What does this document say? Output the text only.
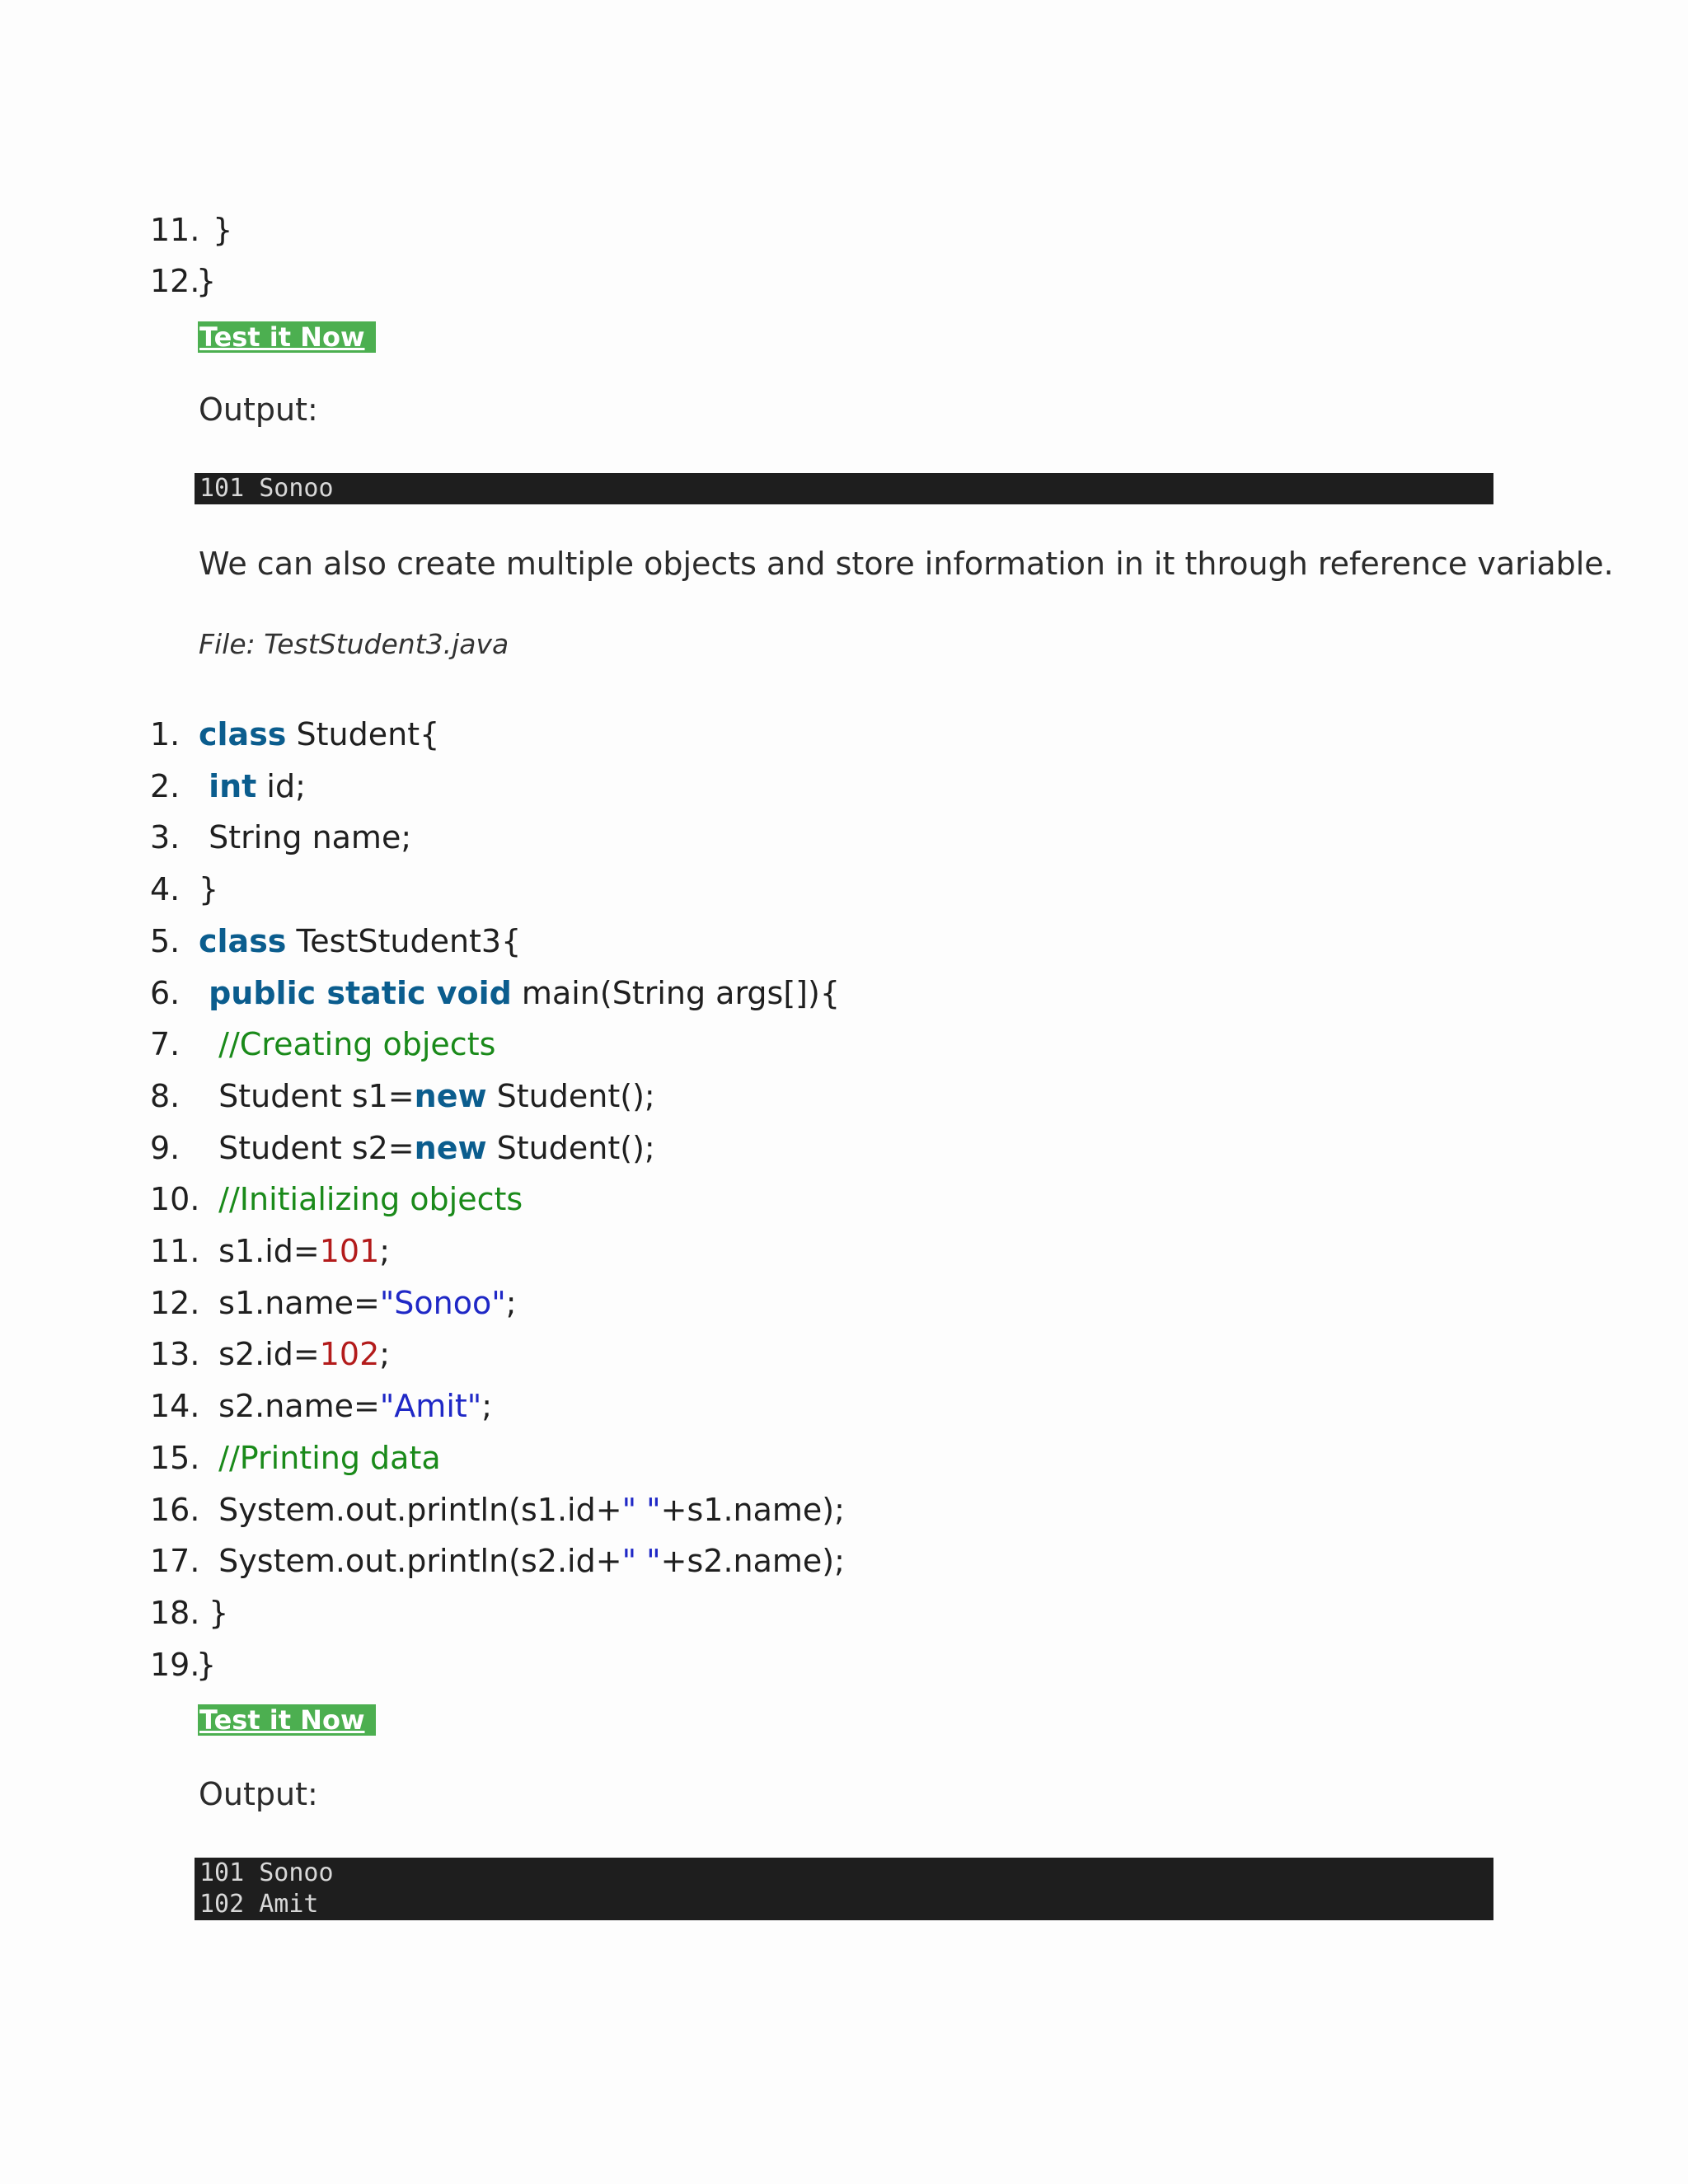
11. }
12.
}
Test it Now
Output:
101 Sonoo
We can also create multiple objects and store information in it through reference variable.
File: TestStudent3.java
1. class Student{
2. int id;
3. String name;
4. }
5. class TestStudent3{
6. public static void main(String args[]){
7.	//Creating objects
8. Student s1=new Student();
9. Student s2=new Student();
10. //Initializing objects
11.
s1.id=101;
12.
s1.name="Sonoo";
13.
s2.id=102;
14.
s2.name="Amit";
15. //Printing data
16.
System.out.println(s1.id+" "+s1.name);
17.
System.out.println(s2.id+" "+s2.name);
18.
}
19.
}
Test it Now
Output:
101 Sonoo
102 Amit
